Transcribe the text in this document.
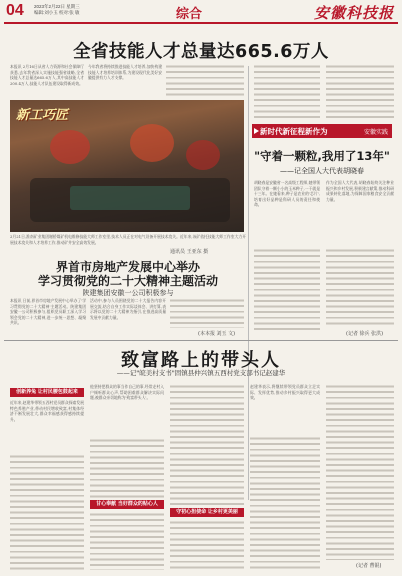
04 2023年2月22日 星期三
编辑:刘小玉 校对:张 敏	综合	安徽科技报
全省技能人才总量达665.6万人
本报讯 2月16日从省人力资源和社会保障厅获悉,去年我省深入实施技能强省战略,全省技能人才总量达665.6万人,其中高技能人才200.4万人,技能人才队伍建设取得新成效。
今年我省将持续推进技能人才培养,加快构建技能人才培养培训体系,为建设现代化美好安徽提供有力人才支撑。
新工巧匠
2月21日,淮南矿业集团谢桥煤矿机电维修技能大师工作室里,技术人员正在对电气设备开展技术攻关。近年来,该矿依托技能大师工作室大力开展技术攻关和人才培养工作,推动矿井安全高效发展。
通讯员 王亚东 摄
界首市房地产发展中心举办
学习贯彻党的二十大精神主题活动
陕建集团安徽一公司积极参与
本报讯 日前,界首市房地产发展中心举办了'学习贯彻党的二十大精神'主题活动。陕建集团安徽一公司积极参与,组织党员职工深入学习领会党的二十大精神,进一步统一思想、凝聚共识。
活动中,参与人员围绕党的二十大报告内容开展交流,结合自身工作实际谈体会、讲打算,表示将以党的二十大精神为指引,在推进高质量发展中贡献力量。
(本本报 刘玉 文)
新时代新征程新作为	安徽实践
"守着一颗粒,我用了13年"
——记全国人大代表胡晓春
胡晓春是安徽省一名高级工程师,她带领团队守着一颗小小的玉米种子,一干就是十三年。在她看来,种子是农业的'芯片',培育出好品种是科研人员的责任和使命。
作为全国人大代表,胡晓春始终关注种业振兴和乡村发展,积极建言献策,推动科研成果转化落地,为保障国家粮食安全贡献力量。
(记者 徐兵 张洪)
致富路上的带头人
——记"皖美村支书"固镇县仲兴镇五西村党支部书记赵建华
创新养兔 让村民腰包鼓起来
近年来,赵建华带领五西村党员群众探索发展特色养殖产业,带动村民增收致富,村集体经济不断发展壮大,群众幸福感获得感持续提升。
他坚持把群众的事当作自己的事,经常走村入户倾听群众心声,帮助困难群众解决实际问题,被群众亲切地称为'致富带头人'。
甘心奉献 当好群众的贴心人
守初心担使命 让乡村更美丽
赵建华表示,将继续带领党员群众立足实际、发挥优势,推动乡村振兴取得更大成效。
(记者 曹锟)
